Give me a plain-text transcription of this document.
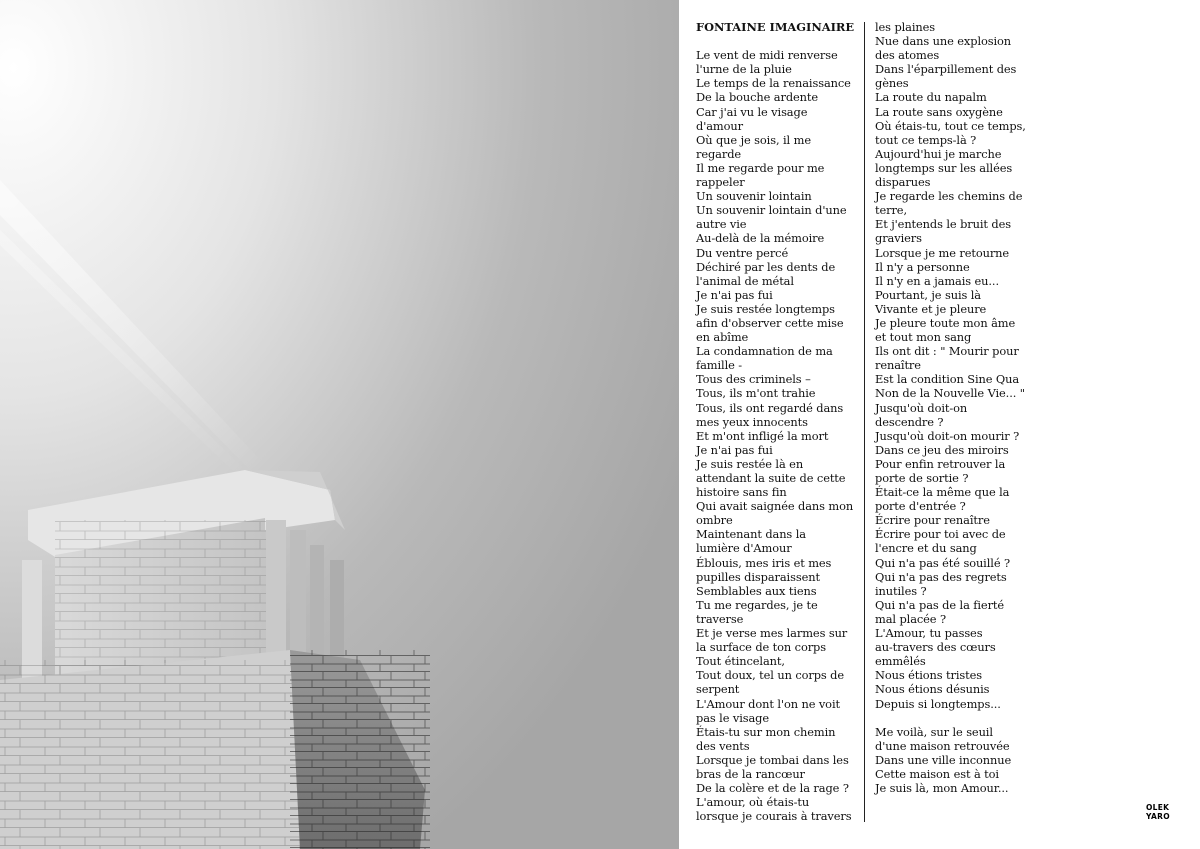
FONTAINE IMAGINAIRE

Le vent de midi renverse
l'urne de la pluie
Le temps de la renaissance
De la bouche ardente
Car j'ai vu le visage
d'amour
Où que je sois, il me
regarde
Il me regarde pour me
rappeler
Un souvenir lointain
Un souvenir lointain d'une
autre vie
Au-delà de la mémoire
Du ventre percé
Déchiré par les dents de
l'animal de métal
Je n'ai pas fui
Je suis restée longtemps
afin d'observer cette mise
en abîme
La condamnation de ma
famille -
Tous des criminels –
Tous, ils m'ont trahie
Tous, ils ont regardé dans
mes yeux innocents
Et m'ont infligé la mort
Je n'ai pas fui
Je suis restée là en
attendant la suite de cette
histoire sans fin
Qui avait saignée dans mon
ombre
Maintenant dans la
lumière d'Amour
Éblouis, mes iris et mes
pupilles disparaissent
Semblables aux tiens
Tu me regardes, je te
traverse
Et je verse mes larmes sur
la surface de ton corps
Tout étincelant,
Tout doux, tel un corps de
serpent
L'Amour dont l'on ne voit
pas le visage
Étais-tu sur mon chemin
des vents
Lorsque je tombai dans les
bras de la rancœur
De la colère et de la rage ?
L'amour, où étais-tu
lorsque je courais à travers
les plaines
Nue dans une explosion
des atomes
Dans l'éparpillement des
gènes
La route du napalm
La route sans oxygène
Où étais-tu, tout ce temps,
tout ce temps-là ?
Aujourd'hui je marche
longtemps sur les allées
disparues
Je regarde les chemins de
terre,
Et j'entends le bruit des
graviers
Lorsque je me retourne
Il n'y a personne
Il n'y en a jamais eu...
Pourtant, je suis là
Vivante et je pleure
Je pleure toute mon âme
et tout mon sang
Ils ont dit : " Mourir pour
renaître
Est la condition Sine Qua
Non de la Nouvelle Vie... "
Jusqu'où doit-on
descendre ?
Jusqu'où doit-on mourir ?
Dans ce jeu des miroirs
Pour enfin retrouver la
porte de sortie ?
Était-ce la même que la
porte d'entrée ?
Écrire pour renaître
Écrire pour toi avec de
l'encre et du sang
Qui n'a pas été souillé ?
Qui n'a pas des regrets
inutiles ?
Qui n'a pas de la fierté
mal placée ?
L'Amour, tu passes
au-travers des cœurs
emmêlés
Nous étions tristes
Nous étions désunis
Depuis si longtemps...

Me voilà, sur le seuil
d'une maison retrouvée
Dans une ville inconnue
Cette maison est à toi
Je suis là, mon Amour...
OLEK
YARO
